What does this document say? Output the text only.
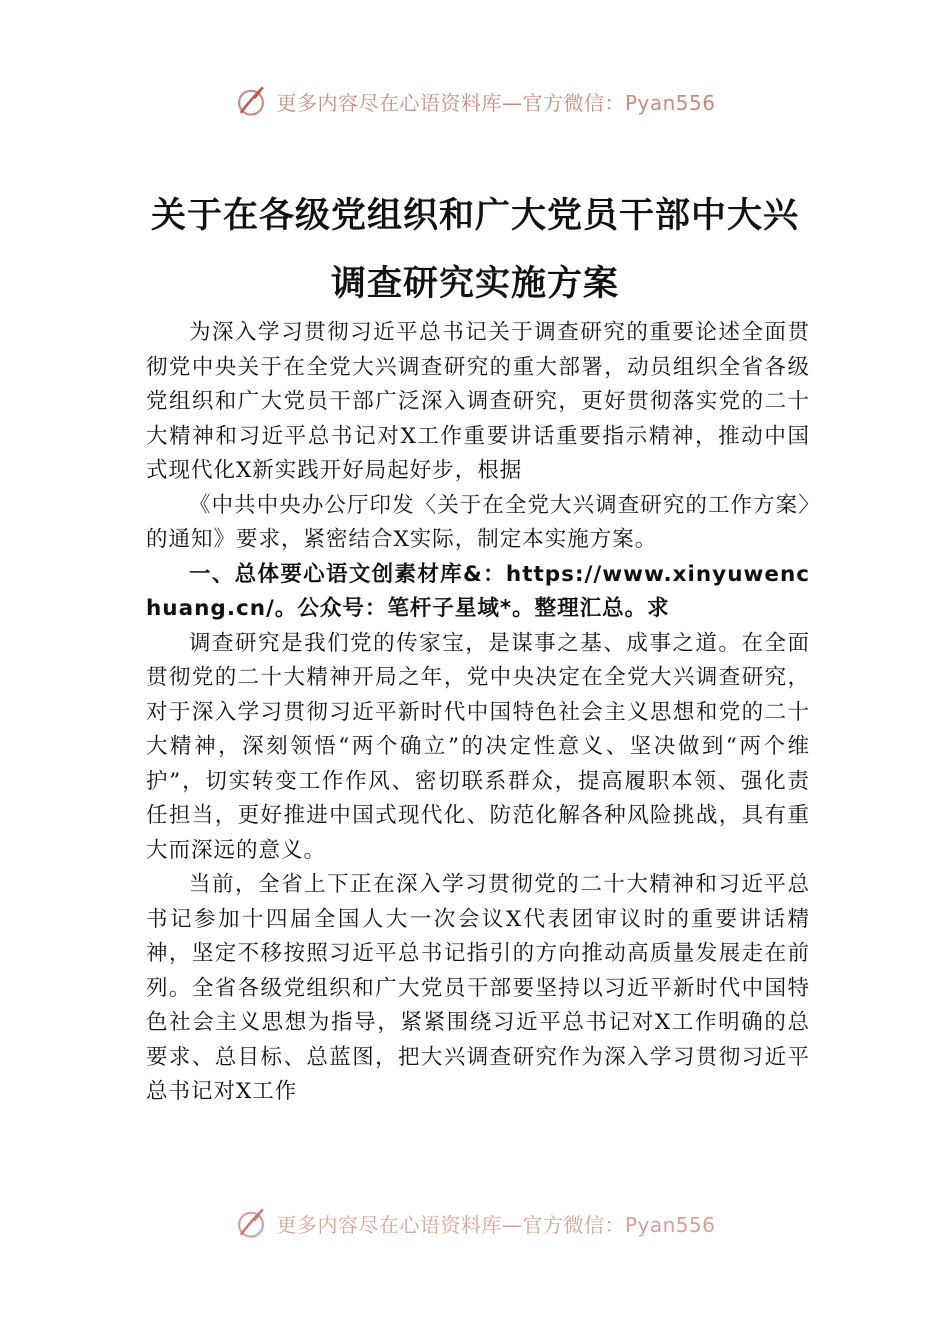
更多内容尽在心语资料库—官方微信：Pyan556
关于在各级党组织和广大党员干部中大兴
调查研究实施方案

为深入学习贯彻习近平总书记关于调查研究的重要论述全面贯彻党中央关于在全党大兴调查研究的重大部署，动员组织全省各级党组织和广大党员干部广泛深入调查研究，更好贯彻落实党的二十大精神和习近平总书记对X工作重要讲话重要指示精神，推动中国式现代化X新实践开好局起好步，根据

《中共中央办公厅印发〈关于在全党大兴调查研究的工作方案〉的通知》要求，紧密结合X实际，制定本实施方案。

一、总体要心语文创素材库&：https://www.xinyuwenchuang.cn/。公众号：笔杆子星域*。整理汇总。求

调查研究是我们党的传家宝，是谋事之基、成事之道。在全面贯彻党的二十大精神开局之年，党中央决定在全党大兴调查研究，对于深入学习贯彻习近平新时代中国特色社会主义思想和党的二十大精神，深刻领悟“两个确立”的决定性意义、坚决做到“两个维护”，切实转变工作作风、密切联系群众，提高履职本领、强化责任担当，更好推进中国式现代化、防范化解各种风险挑战，具有重大而深远的意义。

当前，全省上下正在深入学习贯彻党的二十大精神和习近平总书记参加十四届全国人大一次会议X代表团审议时的重要讲话精神，坚定不移按照习近平总书记指引的方向推动高质量发展走在前列。全省各级党组织和广大党员干部要坚持以习近平新时代中国特色社会主义思想为指导，紧紧围绕习近平总书记对X工作明确的总要求、总目标、总蓝图，把大兴调查研究作为深入学习贯彻习近平总书记对X工作

更多内容尽在心语资料库—官方微信：Pyan556
